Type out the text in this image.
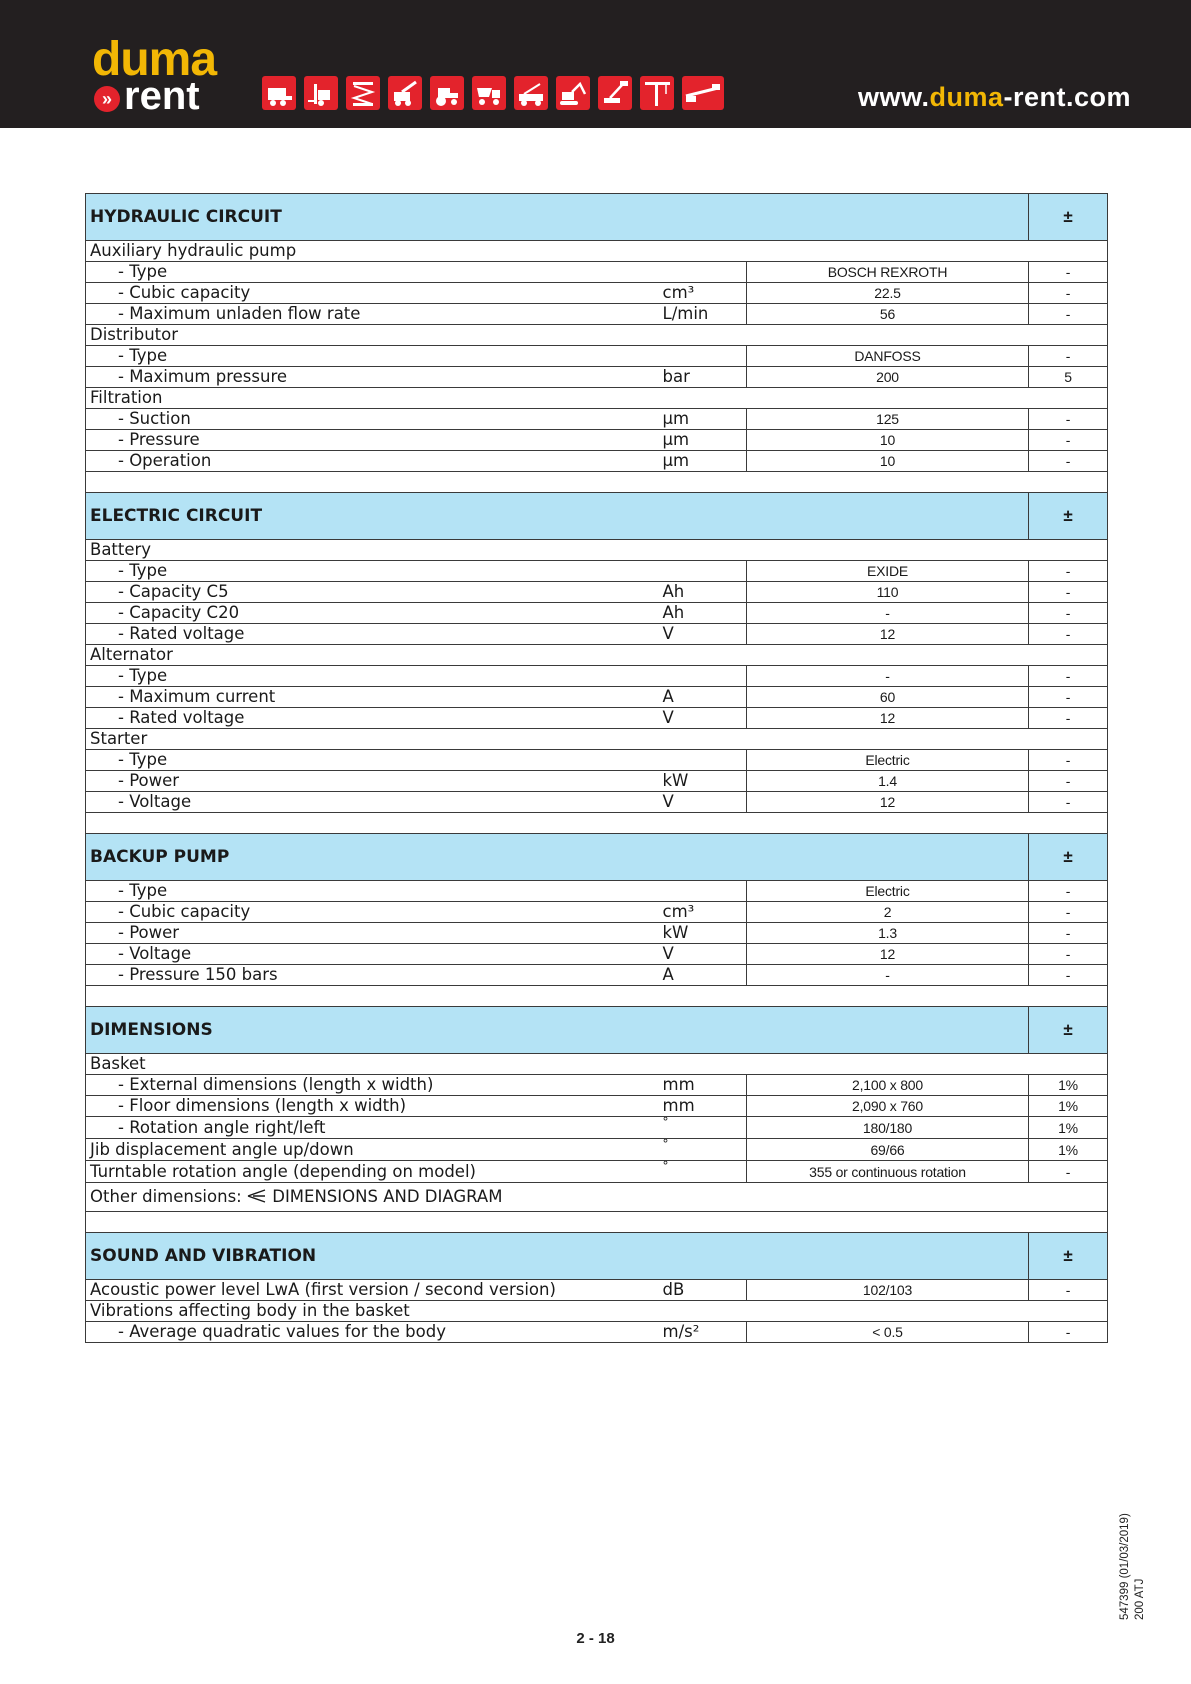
duma
» rent	www.duma-rent.com
HYDRAULIC CIRCUIT			±
Auxiliary hydraulic pump			
- Type		BOSCH REXROTH	-
- Cubic capacity	cm³	22.5	-
- Maximum unladen flow rate	L/min	56	-
Distributor			
- Type		DANFOSS	-
- Maximum pressure	bar	200	5
Filtration			
- Suction	μm	125	-
- Pressure	μm	10	-
- Operation	μm	10	-

ELECTRIC CIRCUIT			±
Battery			
- Type		EXIDE	-
- Capacity C5	Ah	110	-
- Capacity C20	Ah	-	-
- Rated voltage	V	12	-
Alternator			
- Type		-	-
- Maximum current	A	60	-
- Rated voltage	V	12	-
Starter			
- Type		Electric	-
- Power	kW	1.4	-
- Voltage	V	12	-

BACKUP PUMP			±
- Type		Electric	-
- Cubic capacity	cm³	2	-
- Power	kW	1.3	-
- Voltage	V	12	-
- Pressure 150 bars	A	-	-

DIMENSIONS			±
Basket			
- External dimensions (length x width)	mm	2,100 x 800	1%
- Floor dimensions (length x width)	mm	2,090 x 760	1%
- Rotation angle right/left	°	180/180	1%
Jib displacement angle up/down	°	69/66	1%
Turntable rotation angle (depending on model)	°	355 or continuous rotation	-
Other dimensions: DIMENSIONS AND DIAGRAM			

SOUND AND VIBRATION			±
Acoustic power level LwA (first version / second version)	dB	102/103	-
Vibrations affecting body in the basket			
- Average quadratic values for the body	m/s²	< 0.5	-
547399 (01/03/2019) 200 ATJ
2 - 18
